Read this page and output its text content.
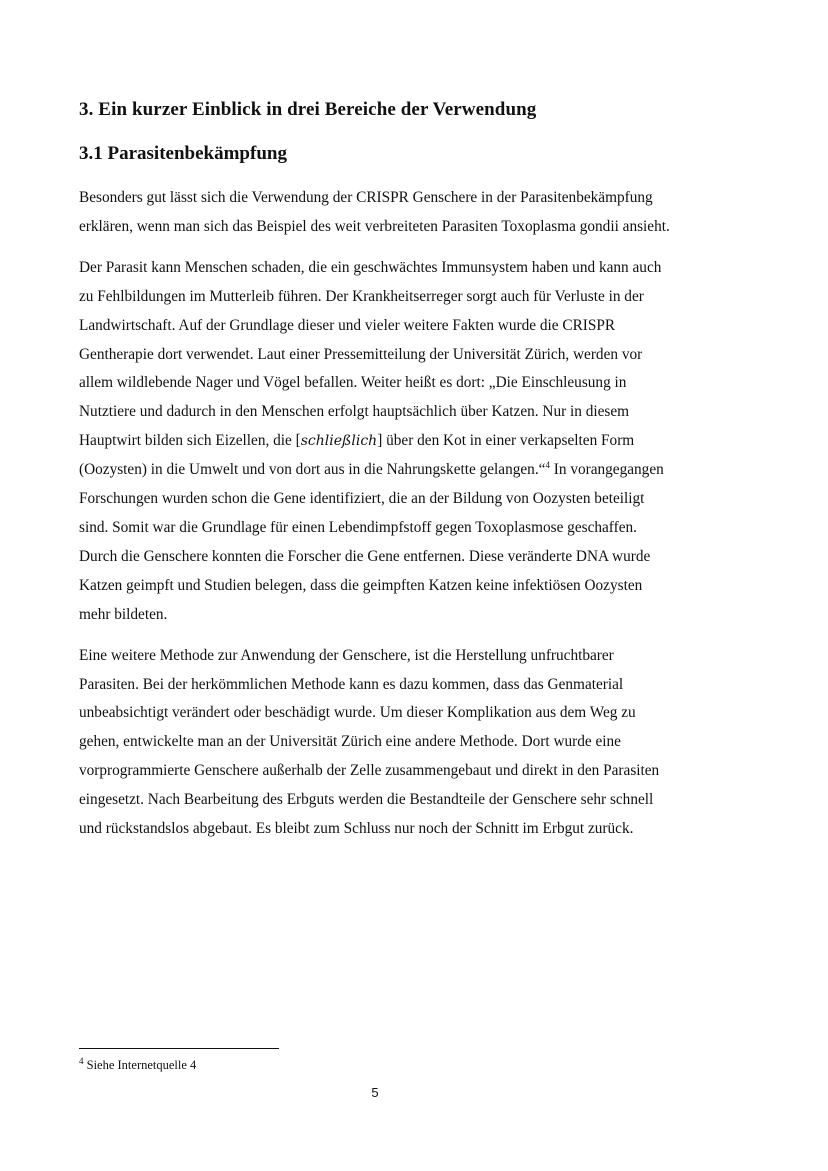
3. Ein kurzer Einblick in drei Bereiche der Verwendung
3.1 Parasitenbekämpfung

Besonders gut lässt sich die Verwendung der CRISPR Genschere in der Parasitenbekämpfung erklären, wenn man sich das Beispiel des weit verbreiteten Parasiten Toxoplasma gondii ansieht.

Der Parasit kann Menschen schaden, die ein geschwächtes Immunsystem haben und kann auch zu Fehlbildungen im Mutterleib führen. Der Krankheitserreger sorgt auch für Verluste in der Landwirtschaft. Auf der Grundlage dieser und vieler weitere Fakten wurde die CRISPR Gentherapie dort verwendet. Laut einer Pressemitteilung der Universität Zürich, werden vor allem wildlebende Nager und Vögel befallen. Weiter heißt es dort: „Die Einschleusung in Nutztiere und dadurch in den Menschen erfolgt hauptsächlich über Katzen. Nur in diesem Hauptwirt bilden sich Eizellen, die [schließlich] über den Kot in einer verkapselten Form (Oozysten) in die Umwelt und von dort aus in die Nahrungskette gelangen.“$^4$ In vorangegangen Forschungen wurden schon die Gene identifiziert, die an der Bildung von Oozysten beteiligt sind. Somit war die Grundlage für einen Lebendimpfstoff gegen Toxoplasmose geschaffen. Durch die Genschere konnten die Forscher die Gene entfernen. Diese veränderte DNA wurde Katzen geimpft und Studien belegen, dass die geimpften Katzen keine infektiösen Oozysten mehr bildeten.

Eine weitere Methode zur Anwendung der Genschere, ist die Herstellung unfruchtbarer Parasiten. Bei der herkömmlichen Methode kann es dazu kommen, dass das Genmaterial unbeabsichtigt verändert oder beschädigt wurde. Um dieser Komplikation aus dem Weg zu gehen, entwickelte man an der Universität Zürich eine andere Methode. Dort wurde eine vorprogrammierte Genschere außerhalb der Zelle zusammengebaut und direkt in den Parasiten eingesetzt. Nach Bearbeitung des Erbguts werden die Bestandteile der Genschere sehr schnell und rückstandslos abgebaut. Es bleibt zum Schluss nur noch der Schnitt im Erbgut zurück.

$^4$ Siehe Internetquelle 4
5
